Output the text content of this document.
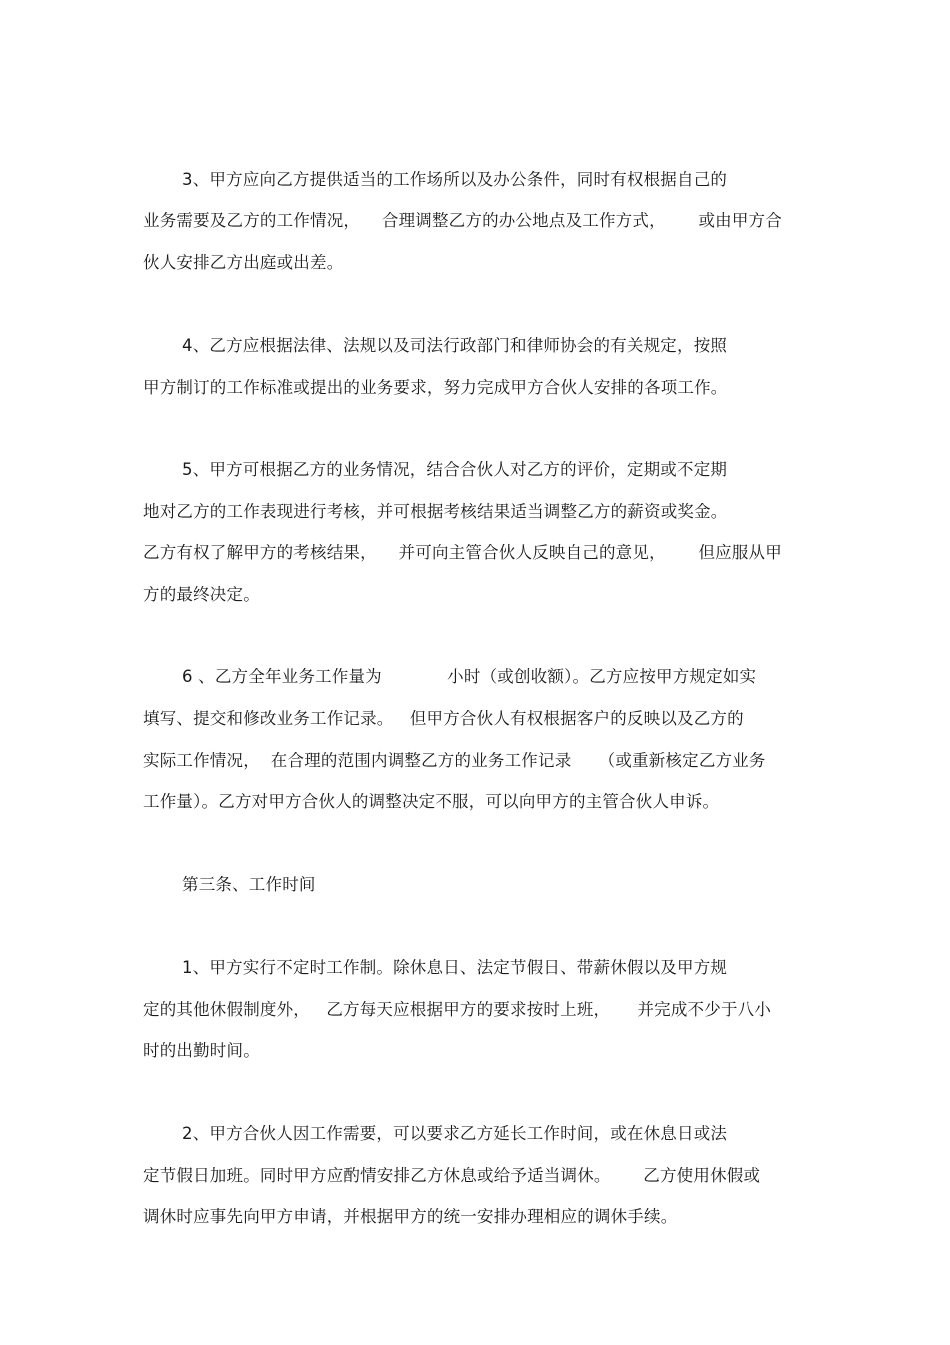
3、甲方应向乙方提供适当的工作场所以及办公条件，同时有权根据自己的
业务需要及乙方的工作情况，    合理调整乙方的办公地点及工作方式，      或由甲方合
伙人安排乙方出庭或出差。
4、乙方应根据法律、法规以及司法行政部门和律师协会的有关规定，按照
甲方制订的工作标准或提出的业务要求，努力完成甲方合伙人安排的各项工作。
5、甲方可根据乙方的业务情况，结合合伙人对乙方的评价，定期或不定期
地对乙方的工作表现进行考核，并可根据考核结果适当调整乙方的薪资或奖金。
乙方有权了解甲方的考核结果，    并可向主管合伙人反映自己的意见，      但应服从甲
方的最终决定。
6 、乙方全年业务工作量为            小时（或创收额）。乙方应按甲方规定如实
填写、提交和修改业务工作记录。   但甲方合伙人有权根据客户的反映以及乙方的
实际工作情况，  在合理的范围内调整乙方的业务工作记录     （或重新核定乙方业务
工作量）。乙方对甲方合伙人的调整决定不服，可以向甲方的主管合伙人申诉。
第三条、工作时间
1、甲方实行不定时工作制。除休息日、法定节假日、带薪休假以及甲方规
定的其他休假制度外，   乙方每天应根据甲方的要求按时上班，     并完成不少于八小
时的出勤时间。
2、甲方合伙人因工作需要，可以要求乙方延长工作时间，或在休息日或法
定节假日加班。同时甲方应酌情安排乙方休息或给予适当调休。      乙方使用休假或
调休时应事先向甲方申请，并根据甲方的统一安排办理相应的调休手续。
